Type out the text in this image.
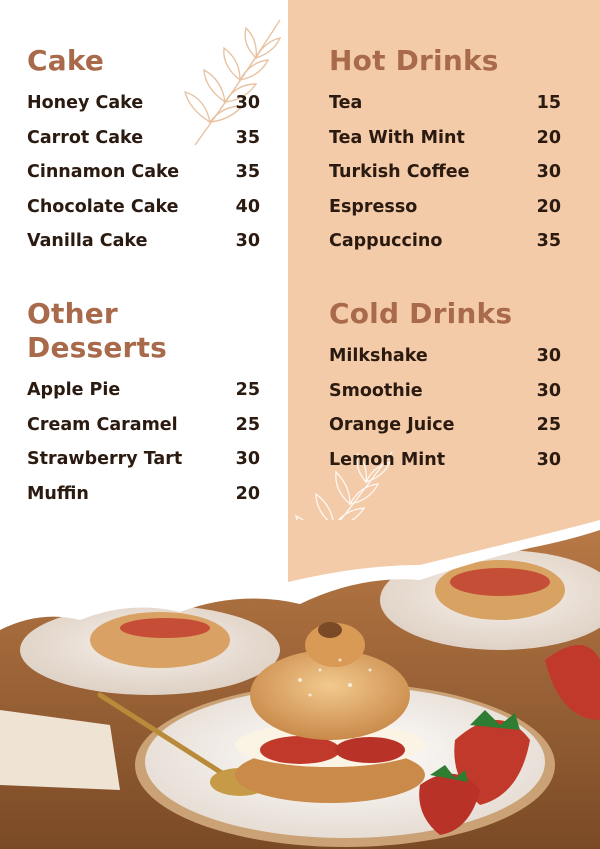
Cake
Honey Cake	30
Carrot Cake	35
Cinnamon Cake	35
Chocolate Cake	40
Vanilla Cake	30
Hot Drinks
Tea	15
Tea With Mint	20
Turkish Coffee	30
Espresso	20
Cappuccino	35
Other Desserts
Apple Pie	25
Cream Caramel	25
Strawberry Tart	30
Muffin	20
Cold Drinks
Milkshake	30
Smoothie	30
Orange Juice	25
Lemon Mint	30
